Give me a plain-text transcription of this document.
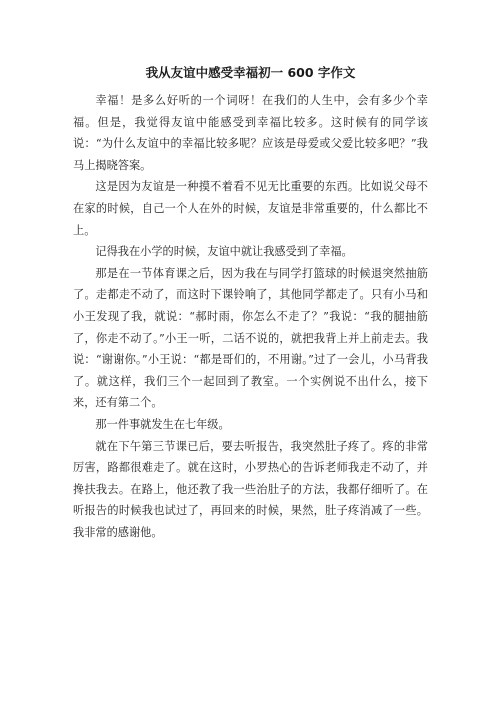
我从友谊中感受幸福初一 600 字作文

幸福！是多么好听的一个词呀！在我们的人生中，会有多少个幸福。但是，我觉得友谊中能感受到幸福比较多。这时候有的同学该说：“为什么友谊中的幸福比较多呢？应该是母爱或父爱比较多吧？”我马上揭晓答案。

这是因为友谊是一种摸不着看不见无比重要的东西。比如说父母不在家的时候，自己一个人在外的时候，友谊是非常重要的，什么都比不上。

记得我在小学的时候，友谊中就让我感受到了幸福。

那是在一节体育课之后，因为我在与同学打篮球的时候退突然抽筋了。走都走不动了，而这时下课铃响了，其他同学都走了。只有小马和小王发现了我，就说：“郝时雨，你怎么不走了？”我说：“我的腿抽筋了，你走不动了。”小王一听，二话不说的，就把我背上并上前走去。我说：“谢谢你。”小王说：“都是哥们的，不用谢。”过了一会儿，小马背我了。就这样，我们三个一起回到了教室。一个实例说不出什么，接下来，还有第二个。

那一件事就发生在七年级。

就在下午第三节课已后，要去听报告，我突然肚子疼了。疼的非常厉害，路都很难走了。就在这时，小罗热心的告诉老师我走不动了，并搀扶我去。在路上，他还教了我一些治肚子的方法，我都仔细听了。在听报告的时候我也试过了，再回来的时候，果然，肚子疼消减了一些。我非常的感谢他。
